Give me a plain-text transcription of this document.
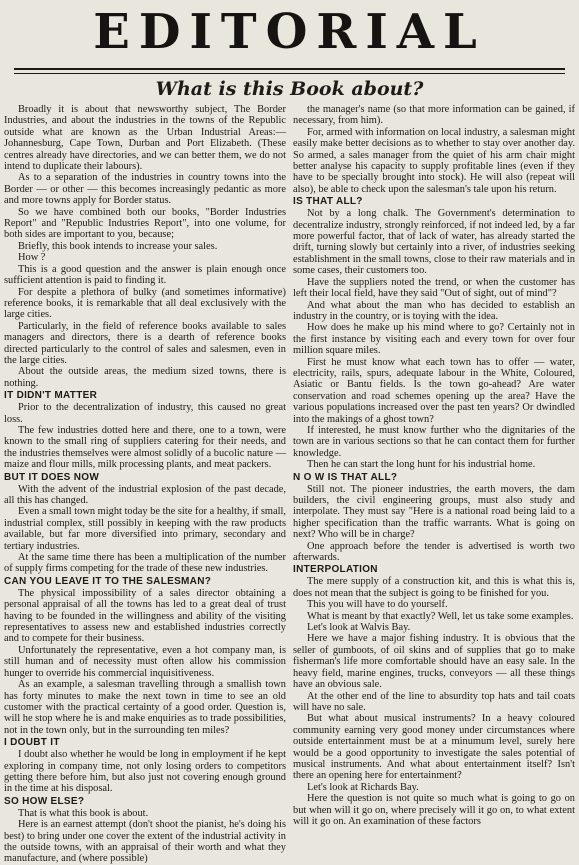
EDITORIAL
What is this Book about?

Broadly it is about that newsworthy subject, The Border Industries, and about the industries in the towns of the Republic outside what are known as the Urban Industrial Areas:— Johannesburg, Cape Town, Durban and Port Elizabeth. (These centres already have directories, and we can better them, we do not intend to duplicate their labours).

As to a separation of the industries in country towns into the Border — or other — this becomes increasingly pedantic as more and more towns apply for Border status.

So we have combined both our books, "Border Industries Report" and "Republic Industries Report", into one volume, for both sides are important to you, because;

Briefly, this book intends to increase your sales.

How ?

This is a good question and the answer is plain enough once sufficient attention is paid to finding it.

For despite a plethora of bulky (and sometimes informative) reference books, it is remarkable that all deal exclusively with the large cities.

Particularly, in the field of reference books available to sales managers and directors, there is a dearth of reference books directed particularly to the control of sales and salesmen, even in the large cities.

About the outside areas, the medium sized towns, there is nothing.

IT DIDN'T MATTER

Prior to the decentralization of industry, this caused no great loss.

The few industries dotted here and there, one to a town, were known to the small ring of suppliers catering for their needs, and the industries themselves were almost solidly of a bucolic nature — maize and flour mills, milk processing plants, and meat packers.

BUT IT DOES NOW

With the advent of the industrial explosion of the past decade, all this has changed.

Even a small town might today be the site for a healthy, if small, industrial complex, still possibly in keeping with the raw products available, but far more diversified into primary, secondary and tertiary industries.

At the same time there has been a multiplication of the number of supply firms competing for the trade of these new industries.

CAN YOU LEAVE IT TO THE SALESMAN?

The physical impossibility of a sales director obtaining a personal appraisal of all the towns has led to a great deal of trust having to be founded in the willingness and ability of the visiting representatives to assess new and established industries correctly and to compete for their business.

Unfortunately the representative, even a hot company man, is still human and of necessity must often allow his commission hunger to override his commercial inquisitiveness.

As an example, a salesman travelling through a smallish town has forty minutes to make the next town in time to see an old customer with the practical certainty of a good order. Question is, will he stop where he is and make enquiries as to trade possibilities, not in the town only, but in the surrounding ten miles?

I DOUBT IT

I doubt also whether he would be long in employment if he kept exploring in company time, not only losing orders to competitors getting there before him, but also just not covering enough ground in the time at his disposal.

SO HOW ELSE?

That is what this book is about.

Here is an earnest attempt (don't shoot the pianist, he's doing his best) to bring under one cover the extent of the industrial activity in the outside towns, with an appraisal of their worth and what they manufacture, and (where possible)

the manager's name (so that more information can be gained, if necessary, from him).

For, armed with information on local industry, a salesman might easily make better decisions as to whether to stay over another day. So armed, a sales manager from the quiet of his arm chair might better analyse his capacity to supply profitable lines (even if they have to be specially brought into stock). He will also (repeat will also), be able to check upon the salesman's tale upon his return.

IS THAT ALL?

Not by a long chalk. The Government's determination to decentralize industry, strongly reinforced, if not indeed led, by a far more powerful factor, that of lack of water, has already started the drift, turning slowly but certainly into a river, of industries seeking establishment in the small towns, close to their raw materials and in some cases, their customers too.

Have the suppliers noted the trend, or when the customer has left their local field, have they said "Out of sight, out of mind"?

And what about the man who has decided to establish an industry in the country, or is toying with the idea.

How does he make up his mind where to go? Certainly not in the first instance by visiting each and every town for over four million square miles.

First he must know what each town has to offer — water, electricity, rails, spurs, adequate labour in the White, Coloured, Asiatic or Bantu fields. Is the town go-ahead? Are water conservation and road schemes opening up the area? Have the various populations increased over the past ten years? Or dwindled into the makings of a ghost town?

If interested, he must know further who the dignitaries of the town are in various sections so that he can contact them for further knowledge.

Then he can start the long hunt for his industrial home.

N O W IS THAT ALL?

Still not. The pioneer industries, the earth movers, the dam builders, the civil engineering groups, must also study and interpolate. They must say "Here is a national road being laid to a higher specification than the traffic warrants. What is going on next? Who will be in charge?

One approach before the tender is advertised is worth two afterwards.

INTERPOLATION

The mere supply of a construction kit, and this is what this is, does not mean that the subject is going to be finished for you.

This you will have to do yourself.

What is meant by that exactly? Well, let us take some examples.

Let's look at Walvis Bay.

Here we have a major fishing industry. It is obvious that the seller of gumboots, of oil skins and of supplies that go to make fisherman's life more comfortable should have an easy sale. In the heavy field, marine engines, trucks, conveyors — all these things have an obvious sale.

At the other end of the line to absurdity top hats and tail coats will have no sale.

But what about musical instruments? In a heavy coloured community earning very good money under circumstances where outside entertainment must be at a minumum level, surely here would be a good opportunity to investigate the sales potential of musical instruments. And what about entertainment itself? Isn't there an opening here for entertainment?

Let's look at Richards Bay.

Here the question is not quite so much what is going to go on but when will it go on, where precisely will it go on, to what extent will it go on. An examination of these factors
